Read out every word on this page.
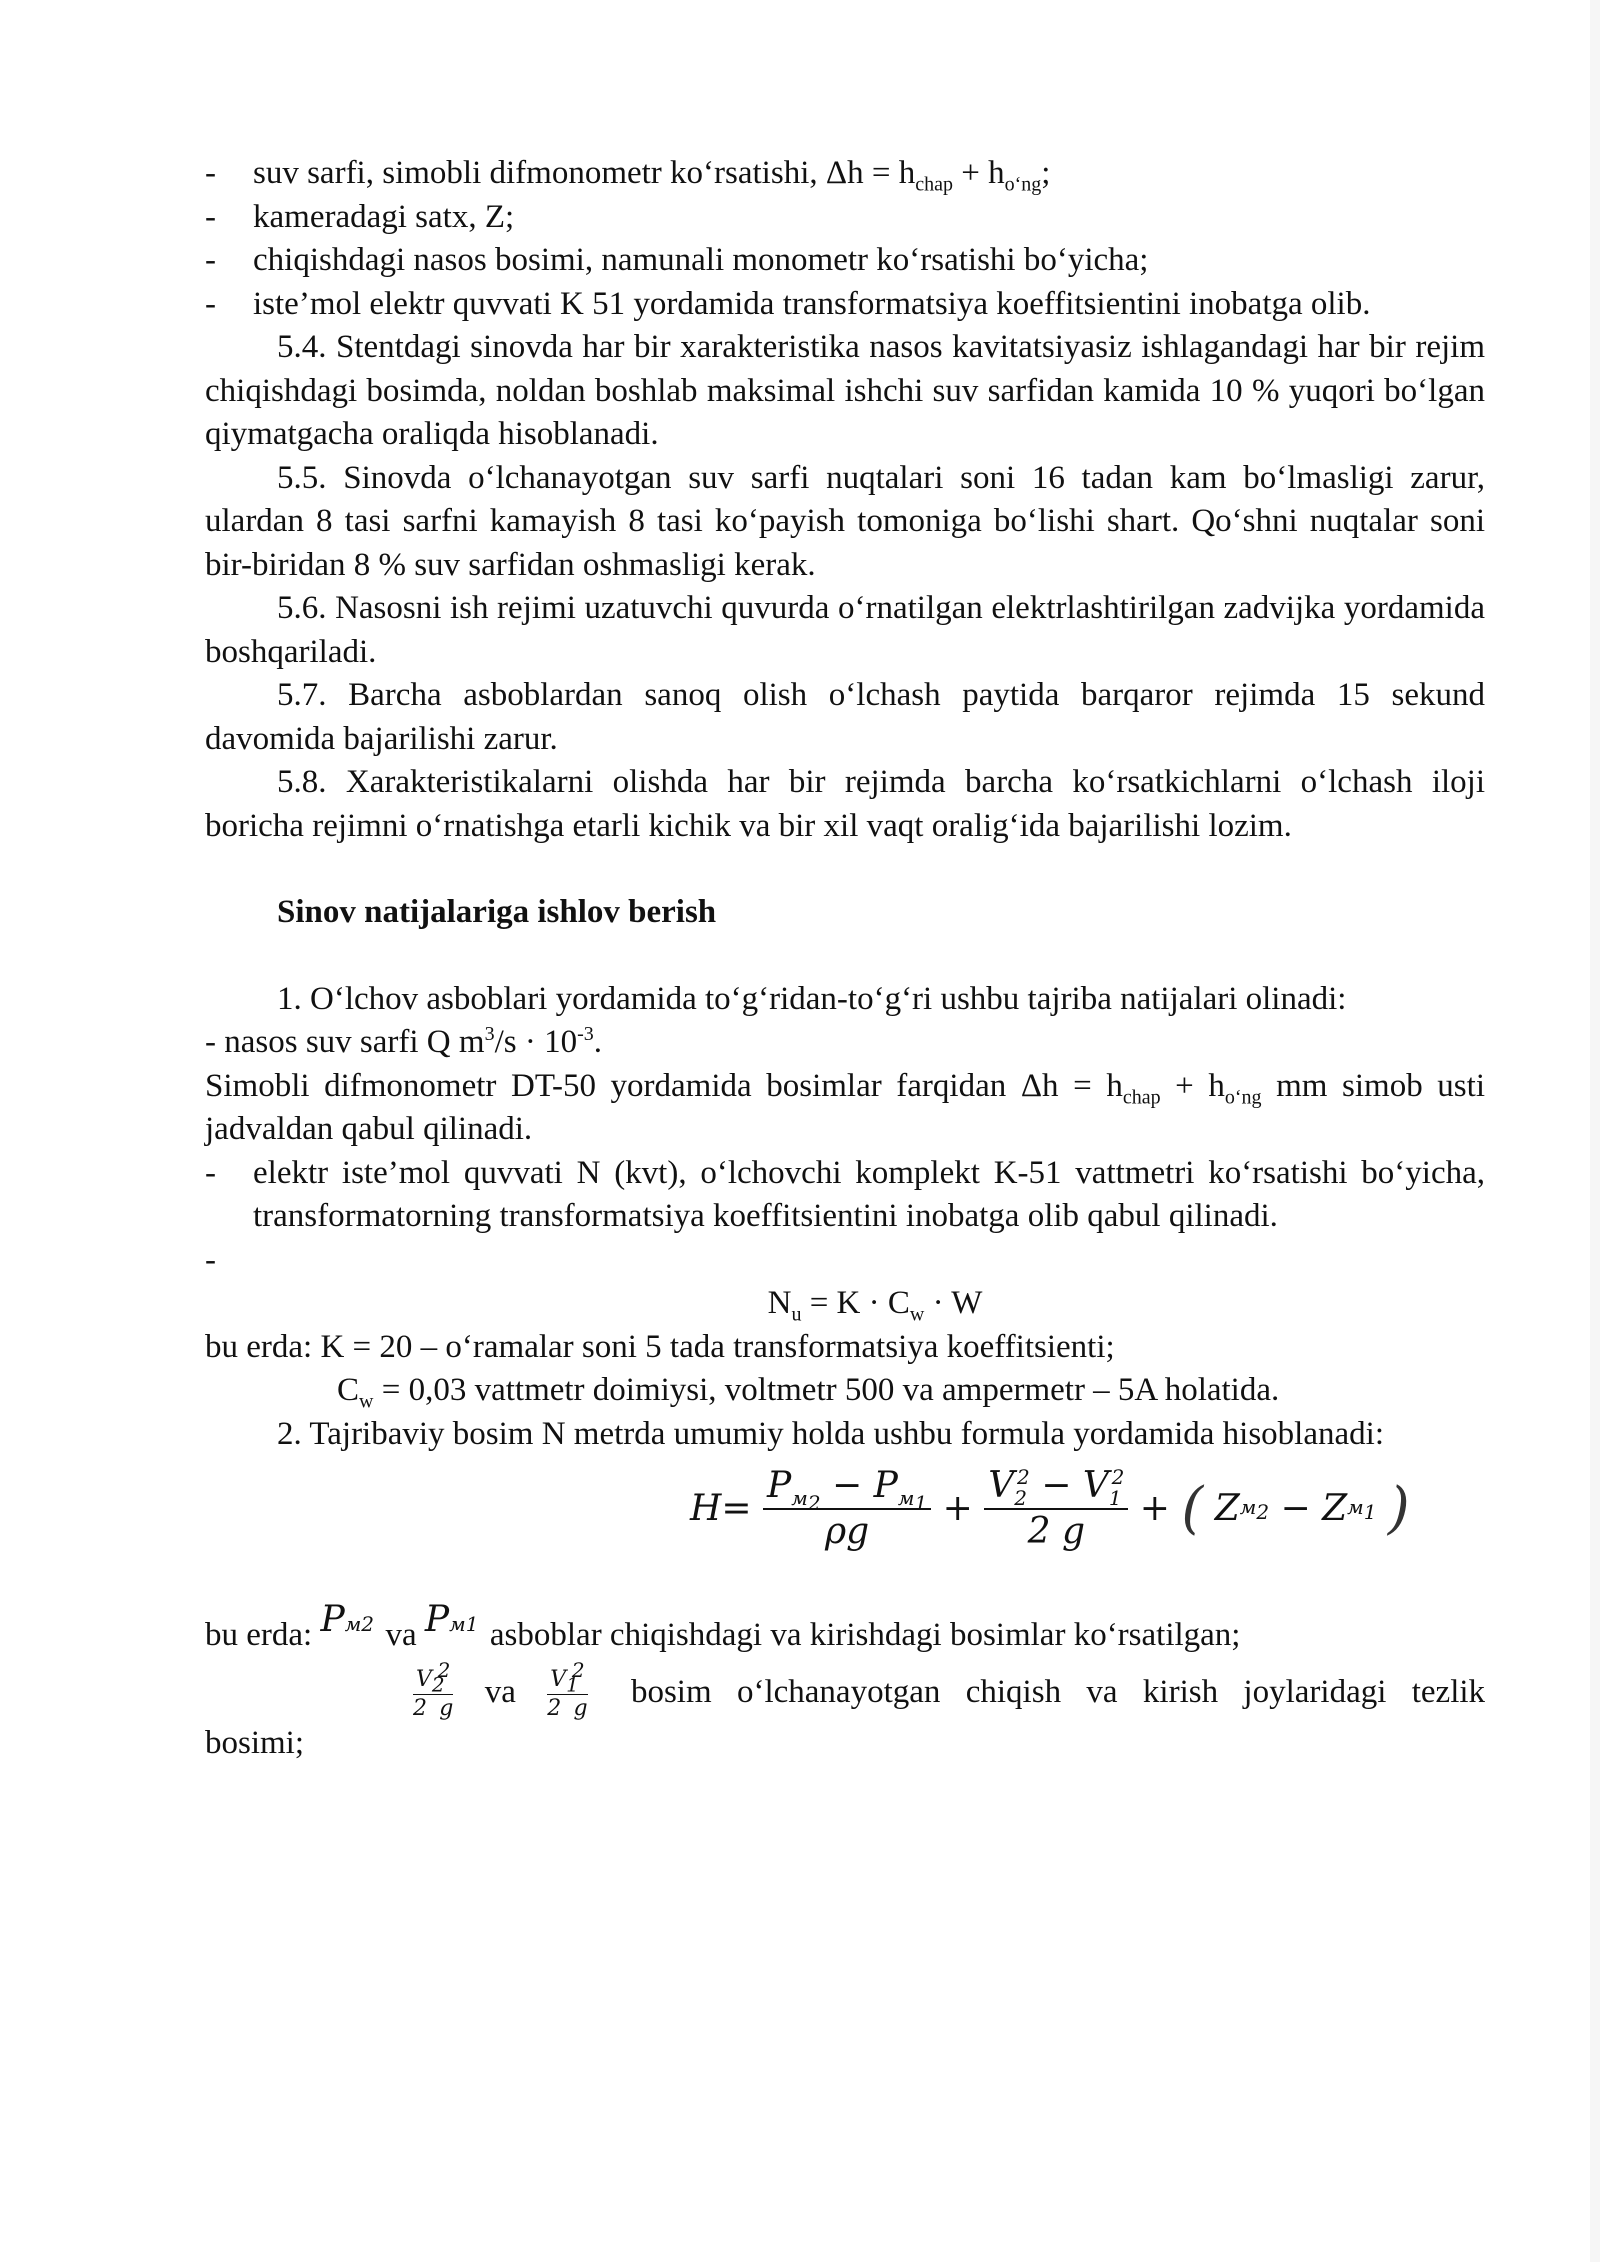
- suv sarfi, simobli difmonometr ko‘rsatishi, $\Delta h = h_{chap} + h_{o‘ng}$;
- kameradagi satx, Z;
- chiqishdagi nasos bosimi, namunali monometr ko‘rsatishi bo‘yicha;
- iste’mol elektr quvvati K 51 yordamida transformatsiya koeffitsientini inobatga olib.

5.4. Stentdagi sinovda har bir xarakteristika nasos kavitatsiyasiz ishlagandagi har bir rejim chiqishdagi bosimda, noldan boshlab maksimal ishchi suv sarfidan kamida 10 % yuqori bo‘lgan qiymatgacha oraliqda hisoblanadi.

5.5. Sinovda o‘lchanayotgan suv sarfi nuqtalari soni 16 tadan kam bo‘lmasligi zarur, ulardan 8 tasi sarfni kamayish 8 tasi ko‘payish tomoniga bo‘lishi shart. Qo‘shni nuqtalar soni bir-biridan 8 % suv sarfidan oshmasligi kerak.

5.6. Nasosni ish rejimi uzatuvchi quvurda o‘rnatilgan elektrlashtirilgan zadvijka yordamida boshqariladi.

5.7. Barcha asboblardan sanoq olish o‘lchash paytida barqaror rejimda 15 sekund davomida bajarilishi zarur.

5.8. Xarakteristikalarni olishda har bir rejimda barcha ko‘rsatkichlarni o‘lchash iloji boricha rejimni o‘rnatishga etarli kichik va bir xil vaqt oralig‘ida bajarilishi lozim.

Sinov natijalariga ishlov berish

1. O‘lchov asboblari yordamida to‘g‘ridan-to‘g‘ri ushbu tajriba natijalari olinadi:

- nasos suv sarfi Q $m^3/s \cdot 10^{-3}$.

Simobli difmonometr DT-50 yordamida bosimlar farqidan $\Delta h = h_{chap} + h_{o‘ng}$ mm simob usti jadvaldan qabul qilinadi.

- elektr iste’mol quvvati N (kvt), o‘lchovchi komplekt K-51 vattmetri ko‘rsatishi bo‘yicha, transformatorning transformatsiya koeffitsientini inobatga olib qabul qilinadi.

-

$N_u = K \cdot C_w \cdot W$

bu erda: K = 20 – o‘ramalar soni 5 tada transformatsiya koeffitsienti;

$C_w = 0,03$ vattmetr doimiysi, voltmetr 500 va ampermetr – 5A holatida.

2. Tajribaviy bosim N metrda umumiy holda ushbu formula yordamida hisoblanadi:

$H= \frac{P_{м_2} - P_{м_1}}{\rho g} + \frac{V_2^2 - V_1^2}{2 g}$ + ( $Zм_2 - Zм_1$ )
bu erda: Pм2 va Pм1 asboblar chiqishdagi va kirishdagi bosimlar ko‘rsatilgan;
$\frac{V_2^2}{2 g}$ va $\frac{V_1^2}{2 g}$ bosim o‘lchanayotgan chiqish va kirish joylaridagi tezlik

bosimi;
